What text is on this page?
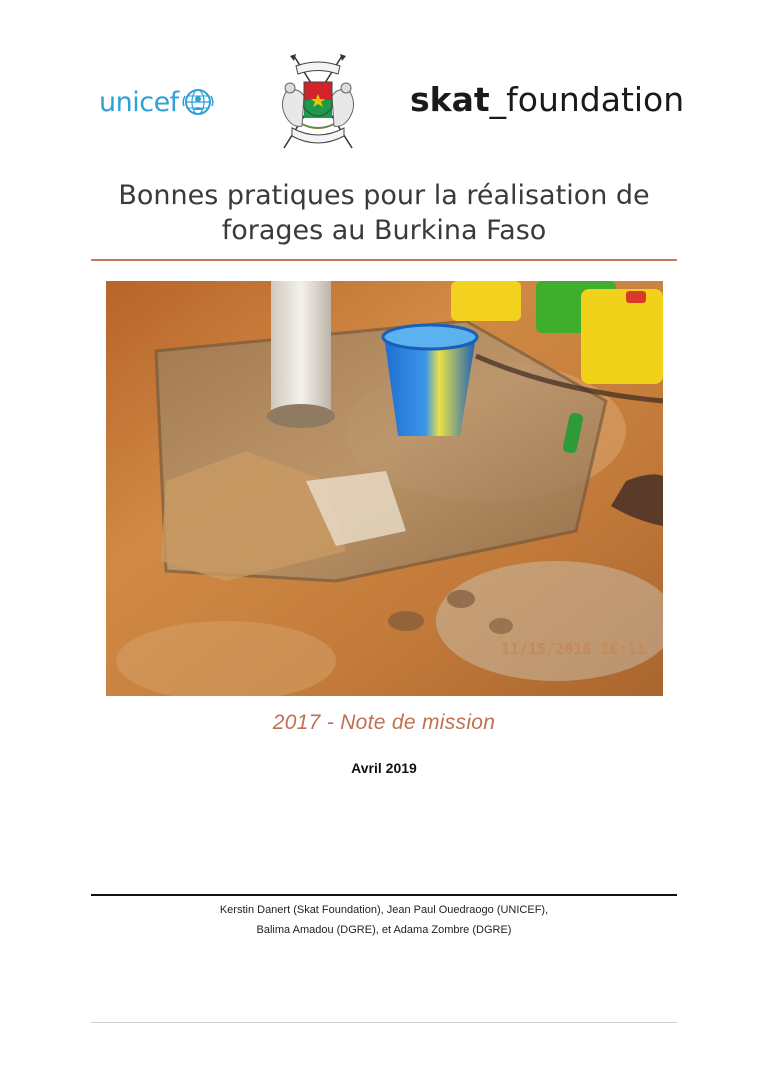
unicef	skat_foundation
Bonnes pratiques pour la réalisation de
forages au Burkina Faso
11/15/2018 16:11
2017 - Note de mission
Avril 2019
Kerstin Danert (Skat Foundation), Jean Paul Ouedraogo (UNICEF),
Balima Amadou (DGRE), et Adama Zombre (DGRE)
